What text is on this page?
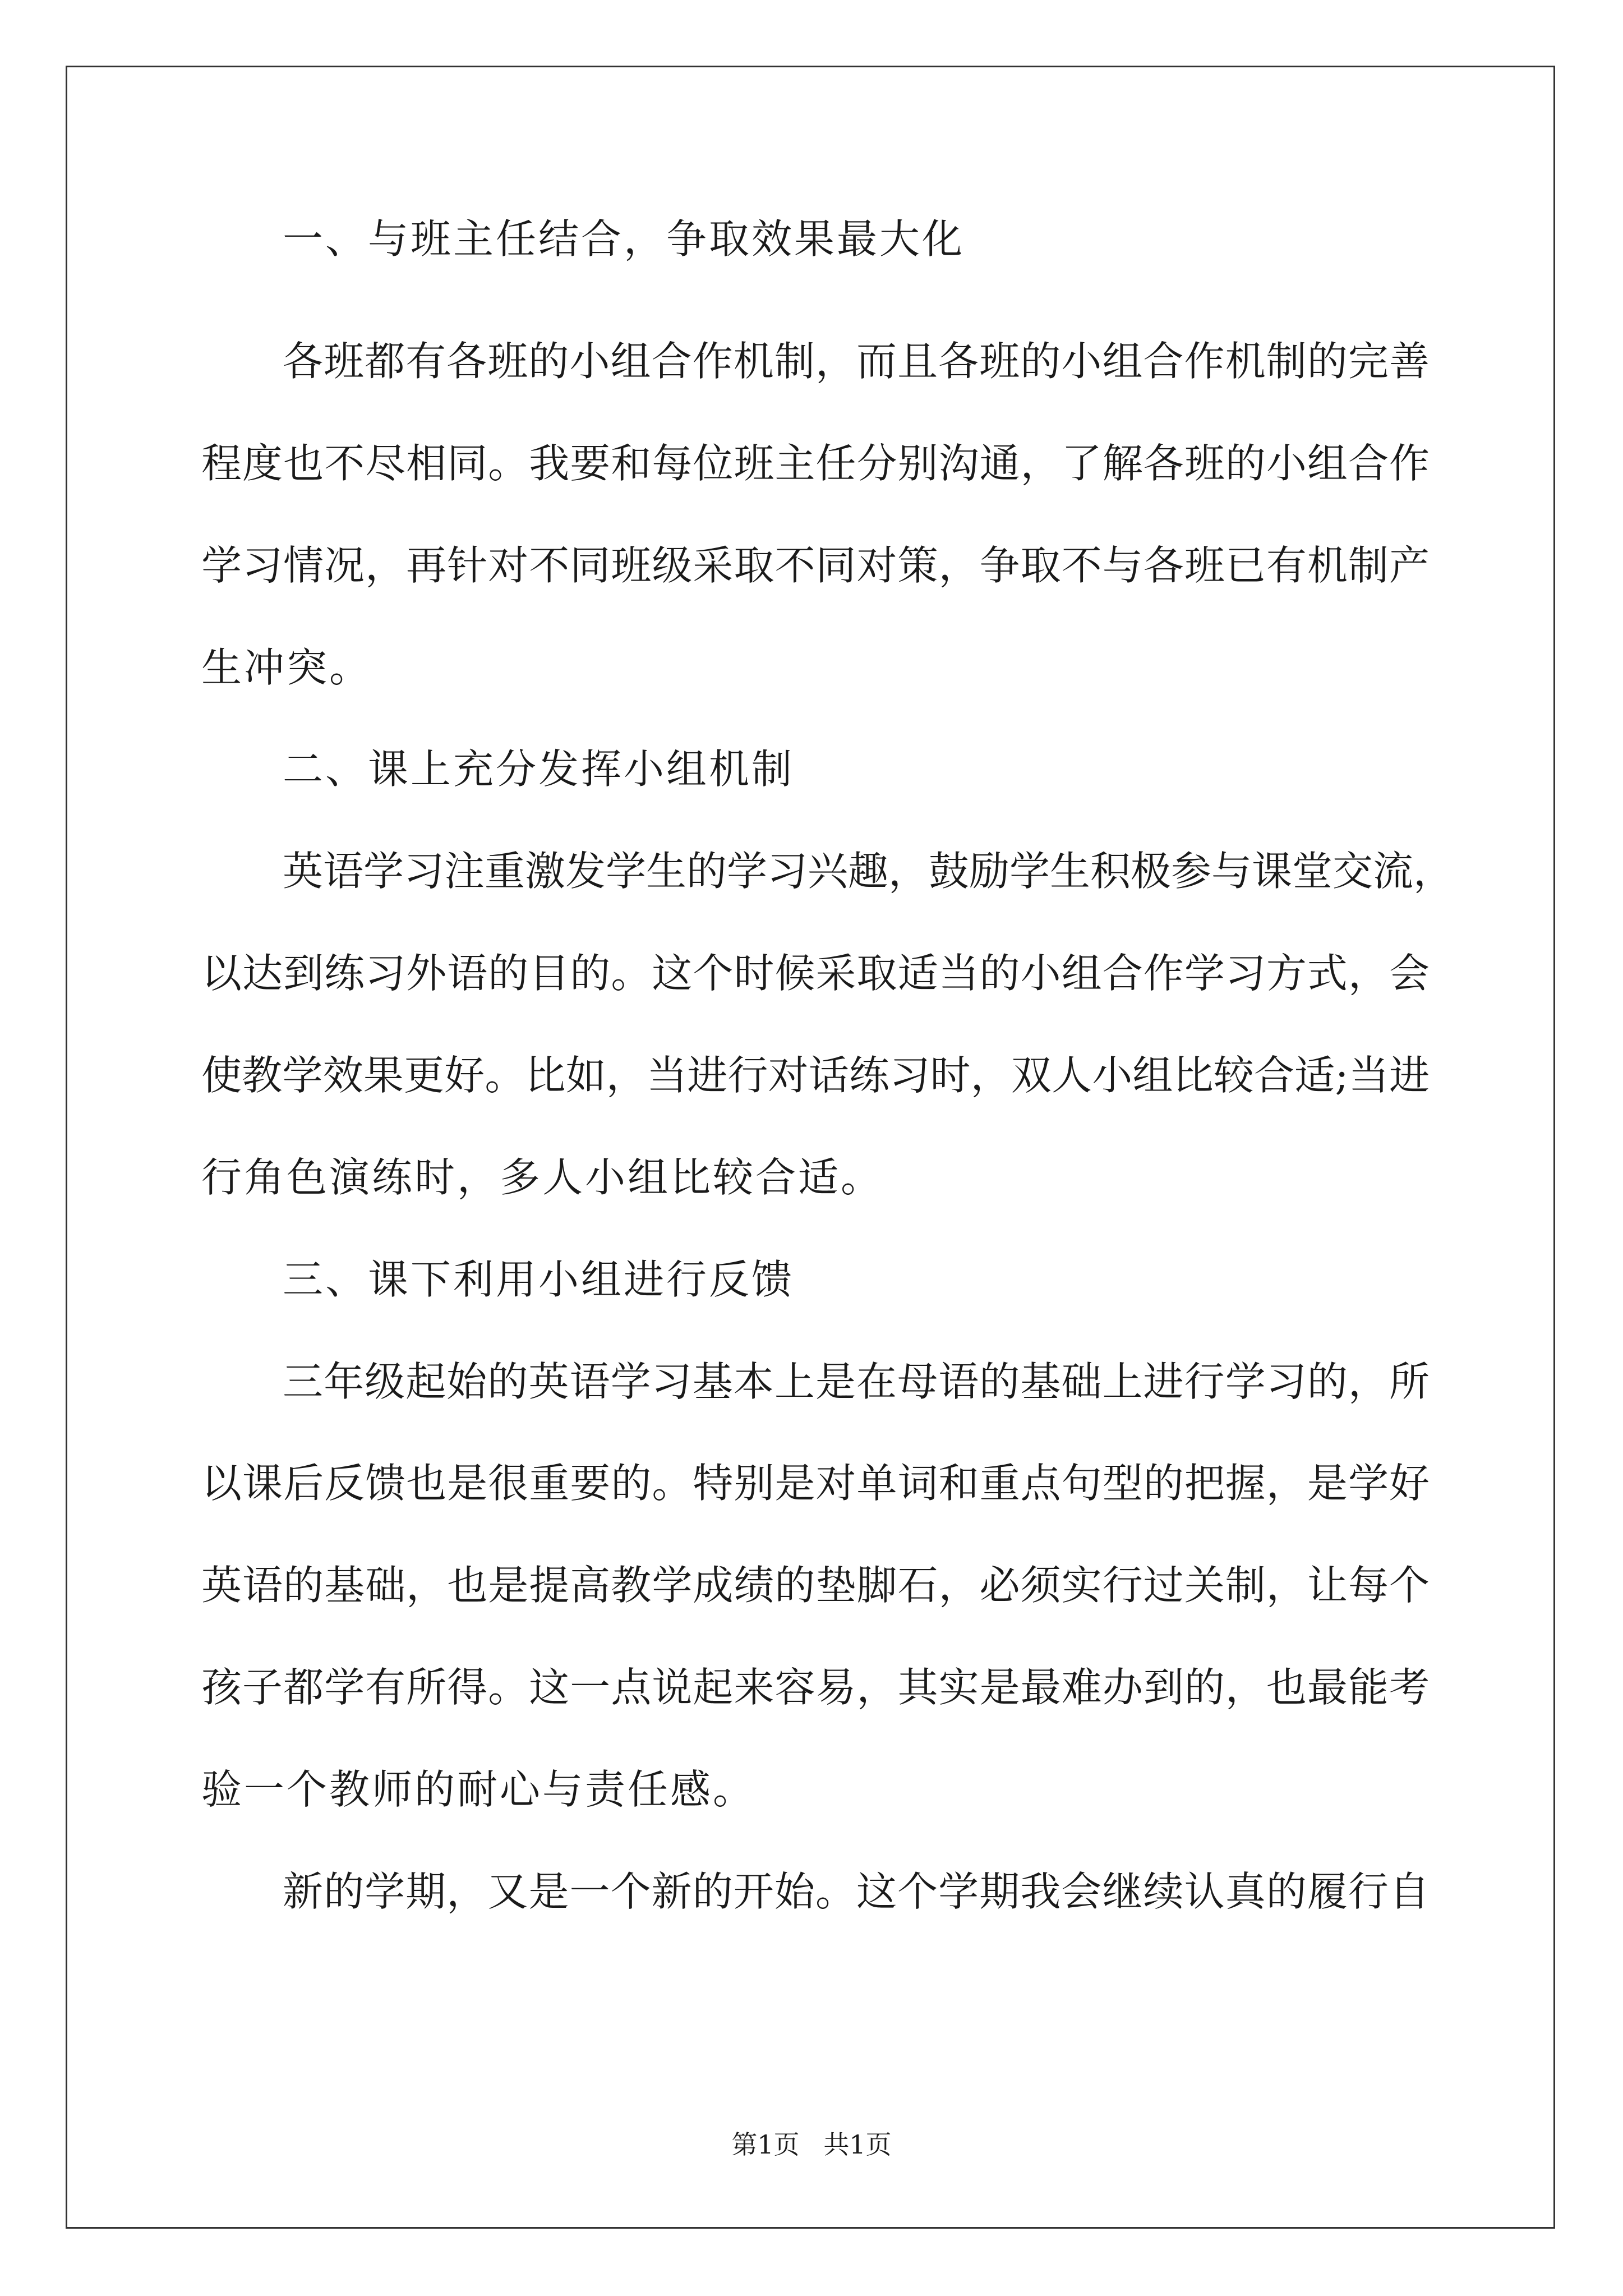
一、与班主任结合，争取效果最大化
各班都有各班的小组合作机制，而且各班的小组合作机制的完善
程度也不尽相同。我要和每位班主任分别沟通，了解各班的小组合作
学习情况，再针对不同班级采取不同对策，争取不与各班已有机制产
生冲突。
二、课上充分发挥小组机制
英语学习注重激发学生的学习兴趣，鼓励学生积极参与课堂交流，
以达到练习外语的目的。这个时候采取适当的小组合作学习方式，会
使教学效果更好。比如，当进行对话练习时，双人小组比较合适;当进
行角色演练时，多人小组比较合适。
三、课下利用小组进行反馈
三年级起始的英语学习基本上是在母语的基础上进行学习的，所
以课后反馈也是很重要的。特别是对单词和重点句型的把握，是学好
英语的基础，也是提高教学成绩的垫脚石，必须实行过关制，让每个
孩子都学有所得。这一点说起来容易，其实是最难办到的，也最能考
验一个教师的耐心与责任感。
新的学期，又是一个新的开始。这个学期我会继续认真的履行自
第1页 共1页
